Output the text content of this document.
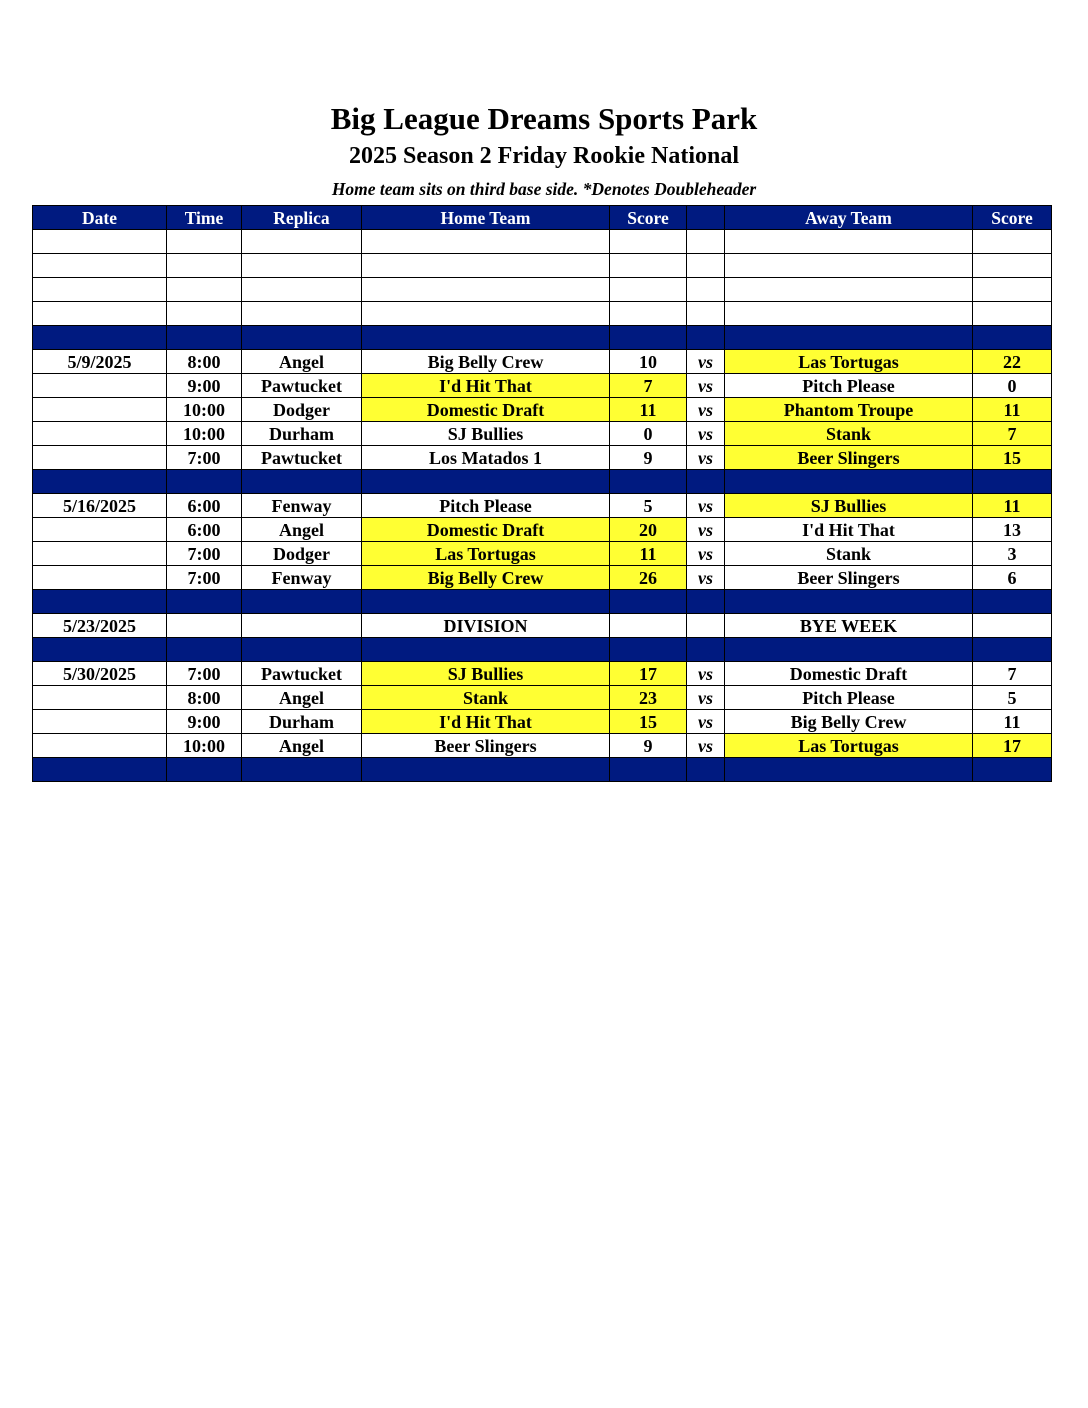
Big League Dreams Sports Park
2025 Season 2 Friday Rookie National

Home team sits on third base side. *Denotes Doubleheader

Date	Time	Replica	Home Team	Score		Away Team	Score

5/9/2025	8:00	Angel	Big Belly Crew	10	vs	Las Tortugas	22
	9:00	Pawtucket	I'd Hit That	7	vs	Pitch Please	0
	10:00	Dodger	Domestic Draft	11	vs	Phantom Troupe	11
	10:00	Durham	SJ Bullies	0	vs	Stank	7
	7:00	Pawtucket	Los Matados 1	9	vs	Beer Slingers	15

5/16/2025	6:00	Fenway	Pitch Please	5	vs	SJ Bullies	11
	6:00	Angel	Domestic Draft	20	vs	I'd Hit That	13
	7:00	Dodger	Las Tortugas	11	vs	Stank	3
	7:00	Fenway	Big Belly Crew	26	vs	Beer Slingers	6

5/23/2025			DIVISION			BYE WEEK	

5/30/2025	7:00	Pawtucket	SJ Bullies	17	vs	Domestic Draft	7
	8:00	Angel	Stank	23	vs	Pitch Please	5
	9:00	Durham	I'd Hit That	15	vs	Big Belly Crew	11
	10:00	Angel	Beer Slingers	9	vs	Las Tortugas	17
